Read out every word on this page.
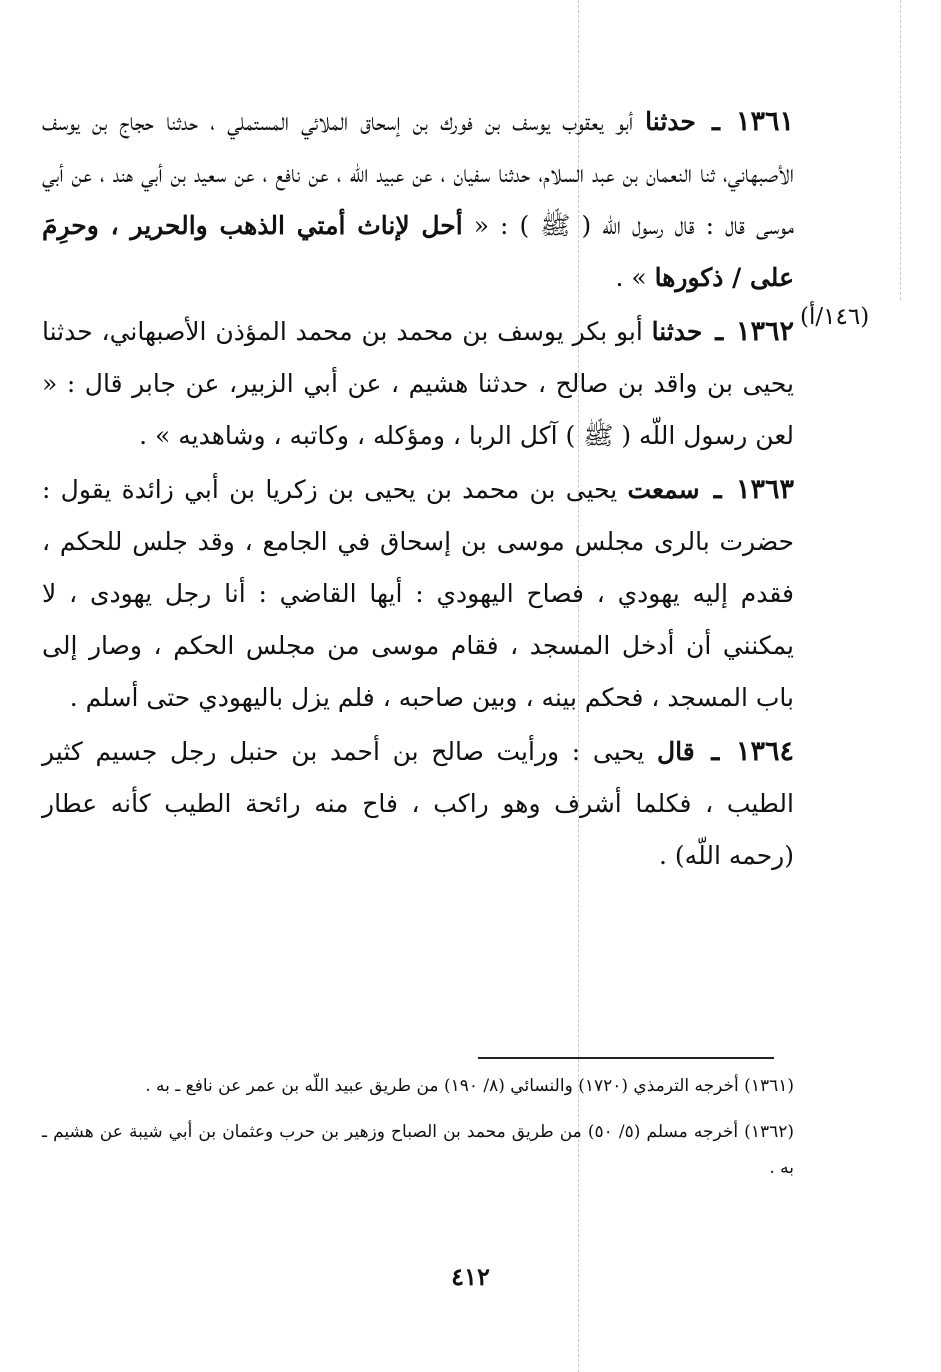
١٣٦١ ـ حدثنا أبو يعقوب يوسف بن فورك بن إسحاق الملائي المستملي ، حدثنا حجاج بن يوسف الأصبهاني، ثنا النعمان بن عبد السلام، حدثنا سفيان ، عن عبيد اللّه ، عن نافع ، عن سعيد بن أبي هند ، عن أبي موسى قال : قال رسول اللّه ( ﷺ ) : « أحل لإناث أمتي الذهب والحرير ، وحرِمَ على / ذكورها » .

١٣٦٢ ـ حدثنا أبو بكر يوسف بن محمد بن محمد المؤذن الأصبهاني، حدثنا يحيى بن واقد بن صالح ، حدثنا هشيم ، عن أبي الزبير، عن جابر قال : « لعن رسول اللّه ( ﷺ ) آكل الربا ، ومؤكله ، وكاتبه ، وشاهديه » .

١٣٦٣ ـ سمعت يحيى بن محمد بن يحيى بن زكريا بن أبي زائدة يقول : حضرت بالرى مجلس موسى بن إسحاق في الجامع ، وقد جلس للحكم ، فقدم إليه يهودي ، فصاح اليهودي : أيها القاضي : أنا رجل يهودى ، لا يمكنني أن أدخل المسجد ، فقام موسى من مجلس الحكم ، وصار إلى باب المسجد ، فحكم بينه ، وبين صاحبه ، فلم يزل باليهودي حتى أسلم .

١٣٦٤ ـ قال يحيى : ورأيت صالح بن أحمد بن حنبل رجل جسيم كثير الطيب ، فكلما أشرف وهو راكب ، فاح منه رائحة الطيب كأنه عطار (رحمه اللّه) .

(١٤٦/أ)

(١٣٦١) أخرجه الترمذي (١٧٢٠) والنسائي (٨/ ١٩٠) من طريق عبيد اللّه بن عمر عن نافع ـ به .

(١٣٦٢) أخرجه مسلم (٥/ ٥٠) من طريق محمد بن الصباح وزهير بن حرب وعثمان بن أبي شيبة عن هشيم ـ به .

٤١٢
